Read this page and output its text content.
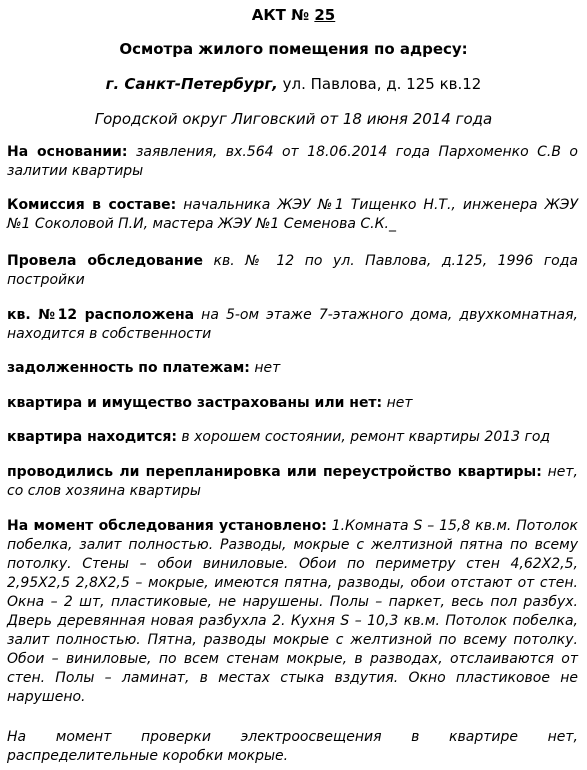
АКТ № 25
Осмотра жилого помещения по адресу:
г. Санкт-Петербург, ул. Павлова, д. 125 кв.12
Городской округ Лиговский от 18 июня 2014 года
На основании: заявления, вх.564 от 18.06.2014 года Пархоменко С.В о залитии квартиры
Комиссия в составе: начальника ЖЭУ №1 Тищенко Н.Т., инженера ЖЭУ №1 Соколовой П.И, мастера ЖЭУ №1 Семенова С.К._
Провела обследование кв. № 12 по ул. Павлова, д.125, 1996 года постройки
кв. №12 расположена на 5-ом этаже 7-этажного дома, двухкомнатная, находится в собственности
задолженность по платежам: нет
квартира и имущество застрахованы или нет: нет
квартира находится: в хорошем состоянии, ремонт квартиры 2013 год
проводились ли перепланировка или переустройство квартиры: нет, со слов хозяина квартиры
На момент обследования установлено: 1.Комната S – 15,8 кв.м. Потолок побелка, залит полностью. Разводы, мокрые с желтизной пятна по всему потолку. Стены – обои виниловые. Обои по периметру стен 4,62Х2,5, 2,95Х2,5 2,8Х2,5 – мокрые, имеются пятна, разводы, обои отстают от стен. Окна – 2 шт, пластиковые, не нарушены. Полы – паркет, весь пол разбух. Дверь деревянная новая разбухла 2. Кухня S – 10,3 кв.м. Потолок побелка, залит полностью. Пятна, разводы мокрые с желтизной по всему потолку. Обои – виниловые, по всем стенам мокрые, в разводах, отслаиваются от стен. Полы – ламинат, в местах стыка вздутия. Окно пластиковое не нарушено.
На момент проверки электроосвещения в квартире нет, распределительные коробки мокрые.
